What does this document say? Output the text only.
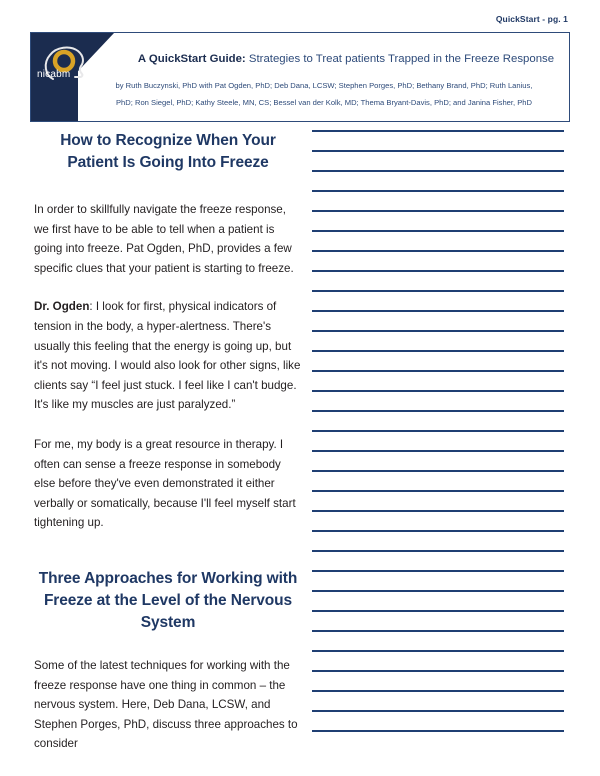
QuickStart - pg. 1
nicabm
A QuickStart Guide: Strategies to Treat patients Trapped in the Freeze Response
by Ruth Buczynski, PhD with Pat Ogden, PhD; Deb Dana, LCSW; Stephen Porges, PhD; Bethany Brand, PhD; Ruth Lanius,
PhD; Ron Siegel, PhD; Kathy Steele, MN, CS; Bessel van der Kolk, MD; Thema Bryant-Davis, PhD; and Janina Fisher, PhD
How to Recognize When Your Patient Is Going Into Freeze

In order to skillfully navigate the freeze response, we first have to be able to tell when a patient is going into freeze. Pat Ogden, PhD, provides a few specific clues that your patient is starting to freeze.

Dr. Ogden: I look for first, physical indicators of tension in the body, a hyper-alertness. There's usually this feeling that the energy is going up, but it's not moving. I would also look for other signs, like clients say “I feel just stuck. I feel like I can't budge. It's like my muscles are just paralyzed.”

For me, my body is a great resource in therapy. I often can sense a freeze response in somebody else before they've even demonstrated it either verbally or somatically, because I'll feel myself start tightening up.

Three Approaches for Working with Freeze at the Level of the Nervous System

Some of the latest techniques for working with the freeze response have one thing in common – the nervous system. Here, Deb Dana, LCSW, and Stephen Porges, PhD, discuss three approaches to consider
